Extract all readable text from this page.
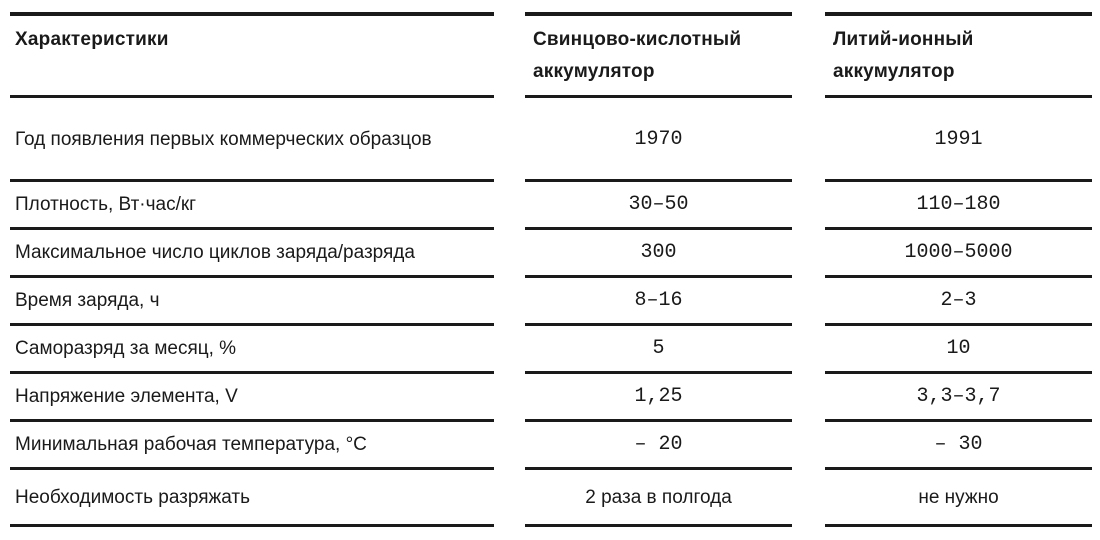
Характеристики
Год появления первых коммерческих образцов
Плотность, Вт·час/кг
Максимальное число циклов заряда/разряда
Время заряда, ч
Саморазряд за месяц, %
Напряжение элемента, V
Минимальная рабочая температура, °С
Необходимость разряжать
Свинцово-кислотный аккумулятор
1970
30–50
300
8–16
5
1,25
– 20
2 раза в полгода
Литий-ионный аккумулятор
1991
110–180
1000–5000
2–3
10
3,3–3,7
– 30
не нужно
